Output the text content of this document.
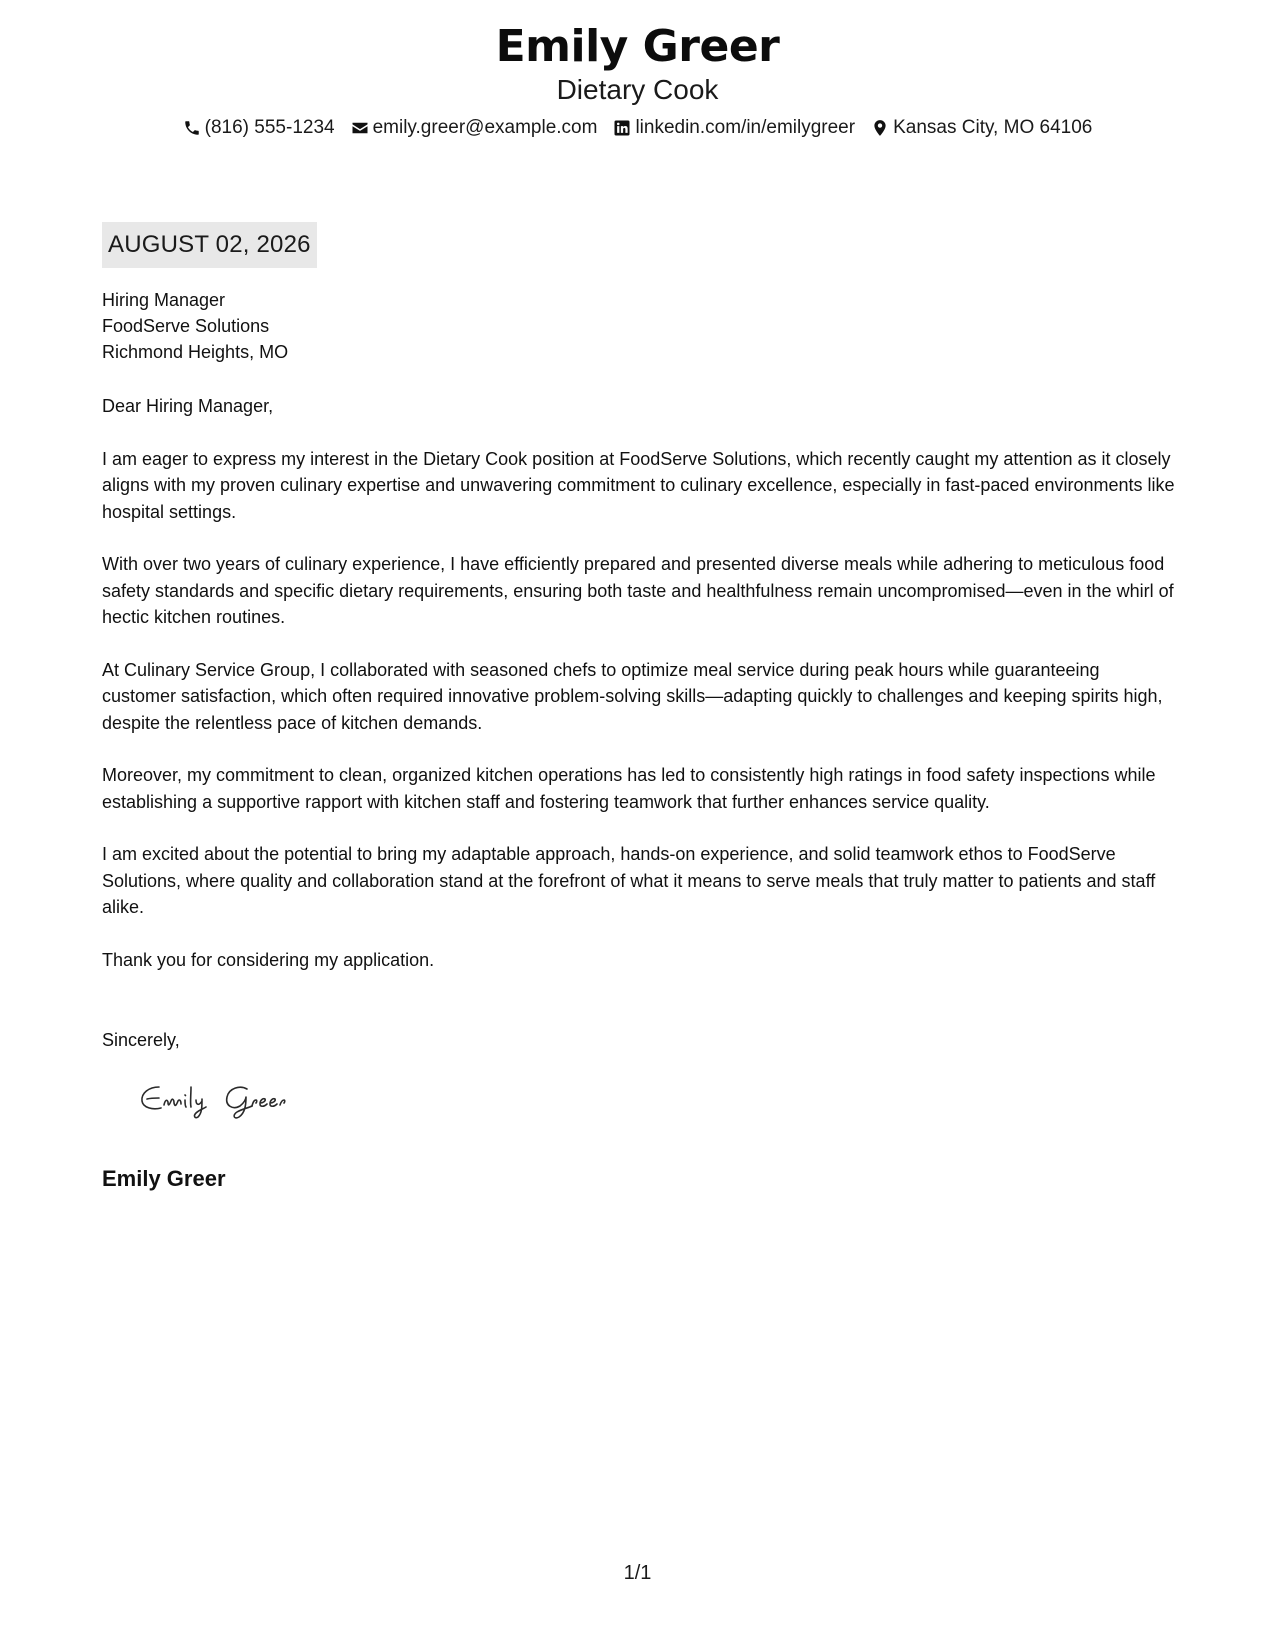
Emily Greer
Dietary Cook
(816) 555-1234 emily.greer@example.com linkedin.com/in/emilygreer Kansas City, MO 64106
AUGUST 02, 2026
Hiring Manager
FoodServe Solutions
Richmond Heights, MO

Dear Hiring Manager,

I am eager to express my interest in the Dietary Cook position at FoodServe Solutions, which recently caught my attention as it closely aligns with my proven culinary expertise and unwavering commitment to culinary excellence, especially in fast-paced environments like hospital settings.

With over two years of culinary experience, I have efficiently prepared and presented diverse meals while adhering to meticulous food safety standards and specific dietary requirements, ensuring both taste and healthfulness remain uncompromised—even in the whirl of hectic kitchen routines.

At Culinary Service Group, I collaborated with seasoned chefs to optimize meal service during peak hours while guaranteeing customer satisfaction, which often required innovative problem-solving skills—adapting quickly to challenges and keeping spirits high, despite the relentless pace of kitchen demands.

Moreover, my commitment to clean, organized kitchen operations has led to consistently high ratings in food safety inspections while establishing a supportive rapport with kitchen staff and fostering teamwork that further enhances service quality.

I am excited about the potential to bring my adaptable approach, hands-on experience, and solid teamwork ethos to FoodServe Solutions, where quality and collaboration stand at the forefront of what it means to serve meals that truly matter to patients and staff alike.

Thank you for considering my application.

Sincerely,
Emily Greer
1/1
